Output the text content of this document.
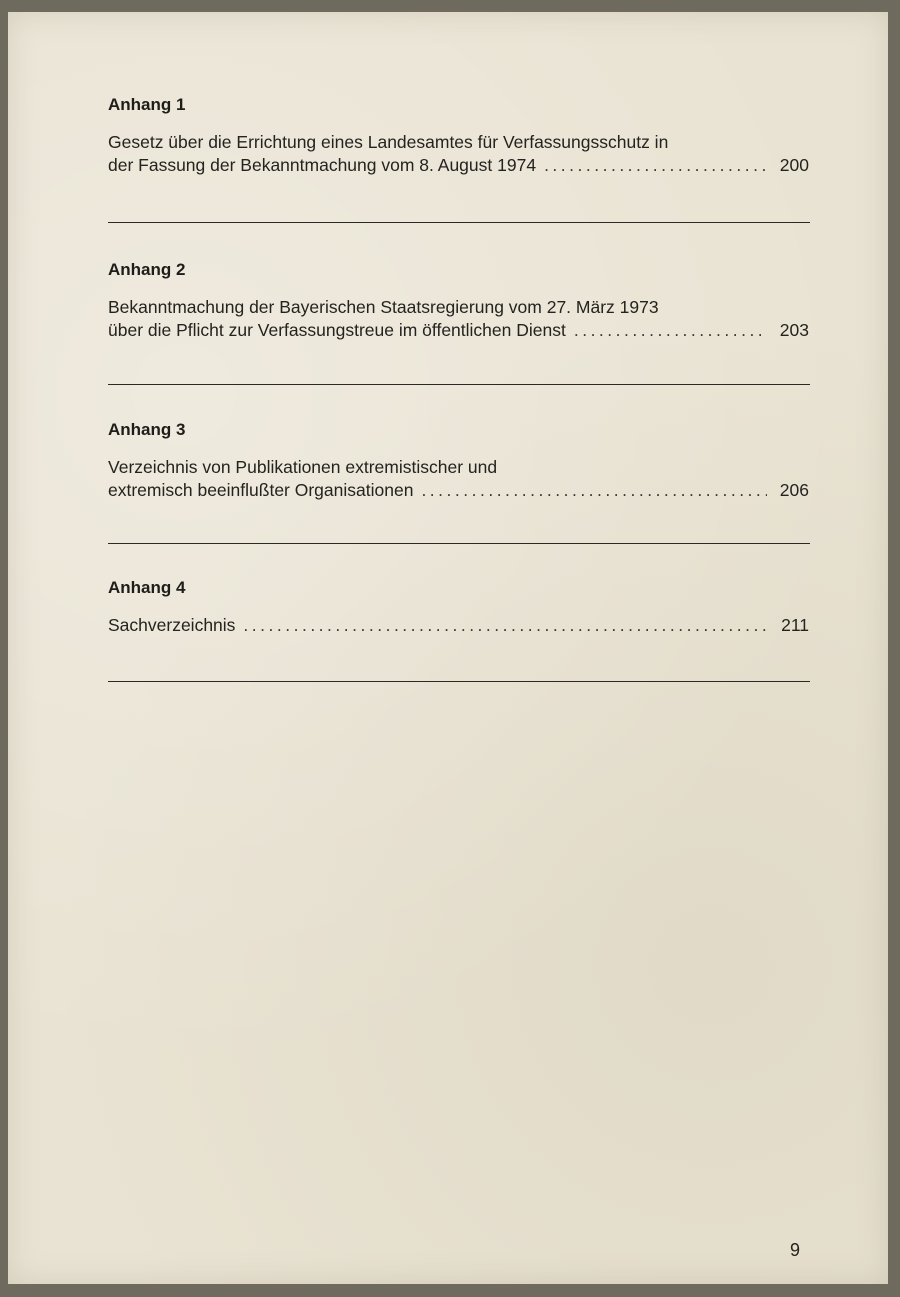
Anhang 1
Gesetz über die Errichtung eines Landesamtes für Verfassungsschutz in
der Fassung der Bekanntmachung vom 8. August 1974 .....	200
Anhang 2
Bekanntmachung der Bayerischen Staatsregierung vom 27. März 1973
über die Pflicht zur Verfassungstreue im öffentlichen Dienst .....	203
Anhang 3
Verzeichnis von Publikationen extremistischer und
extremisch beeinflußter Organisationen .....	206
Anhang 4
Sachverzeichnis .....	211
9
